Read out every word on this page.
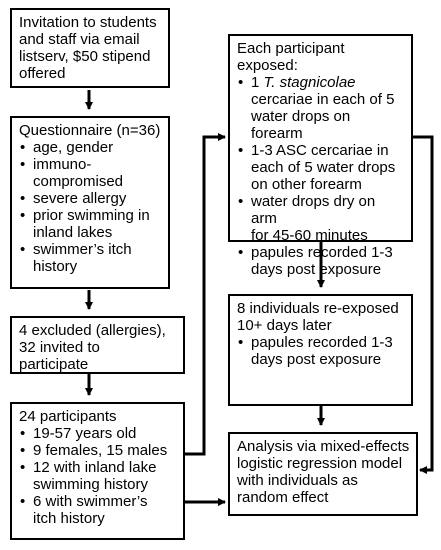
Invitation to students
and staff via email
listserv, $50 stipend
offered
Questionnaire (n=36)
• age, gender
• immuno-
compromised
• severe allergy
• prior swimming in
inland lakes
• swimmer’s itch
history
4 excluded (allergies),
32 invited to
participate
24 participants
• 19-57 years old
• 9 females, 15 males
• 12 with inland lake
swimming history
• 6 with swimmer’s
itch history
Each participant exposed:
• 1 T. stagnicolae
cercariae in each of 5
water drops on forearm
• 1-3 ASC cercariae in
each of 5 water drops
on other forearm
• water drops dry on arm
for 45-60 minutes
• papules recorded 1-3
days post exposure
8 individuals re-exposed
10+ days later
• papules recorded 1-3
days post exposure
Analysis via mixed-effects
logistic regression model
with individuals as
random effect
